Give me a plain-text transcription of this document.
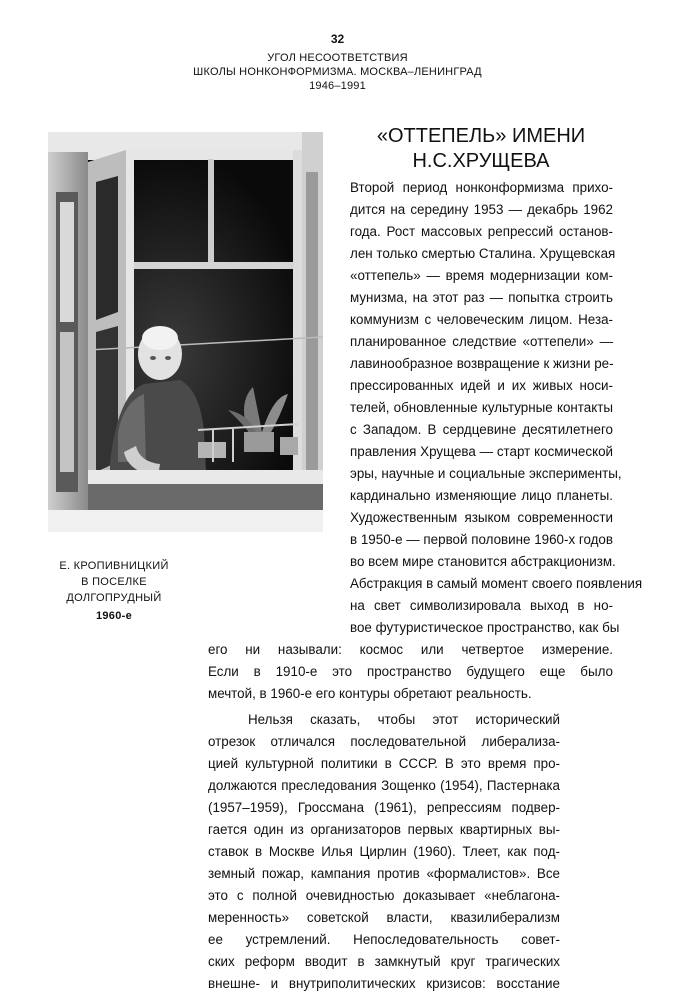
32
УГОЛ НЕСООТВЕТСТВИЯ
ШКОЛЫ НОНКОНФОРМИЗМА. МОСКВА–ЛЕНИНГРАД
1946–1991
Е. КРОПИВНИЦКИЙ
В ПОСЕЛКЕ
ДОЛГОПРУДНЫЙ
1960-е
«ОТТЕПЕЛЬ» ИМЕНИ
Н.С.ХРУЩЕВА
Второй период нонконформизма прихо-
дится на середину 1953 — декабрь 1962
года. Рост массовых репрессий останов-
лен только смертью Сталина. Хрущевская
«оттепель» — время модернизации ком-
мунизма, на этот раз — попытка строить
коммунизм с человеческим лицом. Неза-
планированное следствие «оттепели» —
лавинообразное возвращение к жизни ре-
прессированных идей и их живых носи-
телей, обновленные культурные контакты
с Западом. В сердцевине десятилетнего
правления Хрущева — старт космической
эры, научные и социальные эксперименты,
кардинально изменяющие лицо планеты.
Художественным языком современности
в 1950-е — первой половине 1960-х годов
во всем мире становится абстракционизм.
Абстракция в самый момент своего появления
на свет символизировала выход в но-
вое футуристическое пространство, как бы
его ни называли: космос или четвертое измерение.
Если в 1910-е это пространство будущего еще было
мечтой, в 1960-е его контуры обретают реальность.
Нельзя сказать, чтобы этот исторический
отрезок отличался последовательной либерализа-
цией культурной политики в СССР. В это время про-
должаются преследования Зощенко (1954), Пастернака
(1957–1959), Гроссмана (1961), репрессиям подвер-
гается один из организаторов первых квартирных вы-
ставок в Москве Илья Цирлин (1960). Тлеет, как под-
земный пожар, кампания против «формалистов». Все
это с полной очевидностью доказывает «неблагона-
меренность» советской власти, квазилиберализм
ее устремлений. Непоследовательность совет-
ских реформ вводит в замкнутый круг трагических
внешне- и внутриполитических кризисов: восстание
